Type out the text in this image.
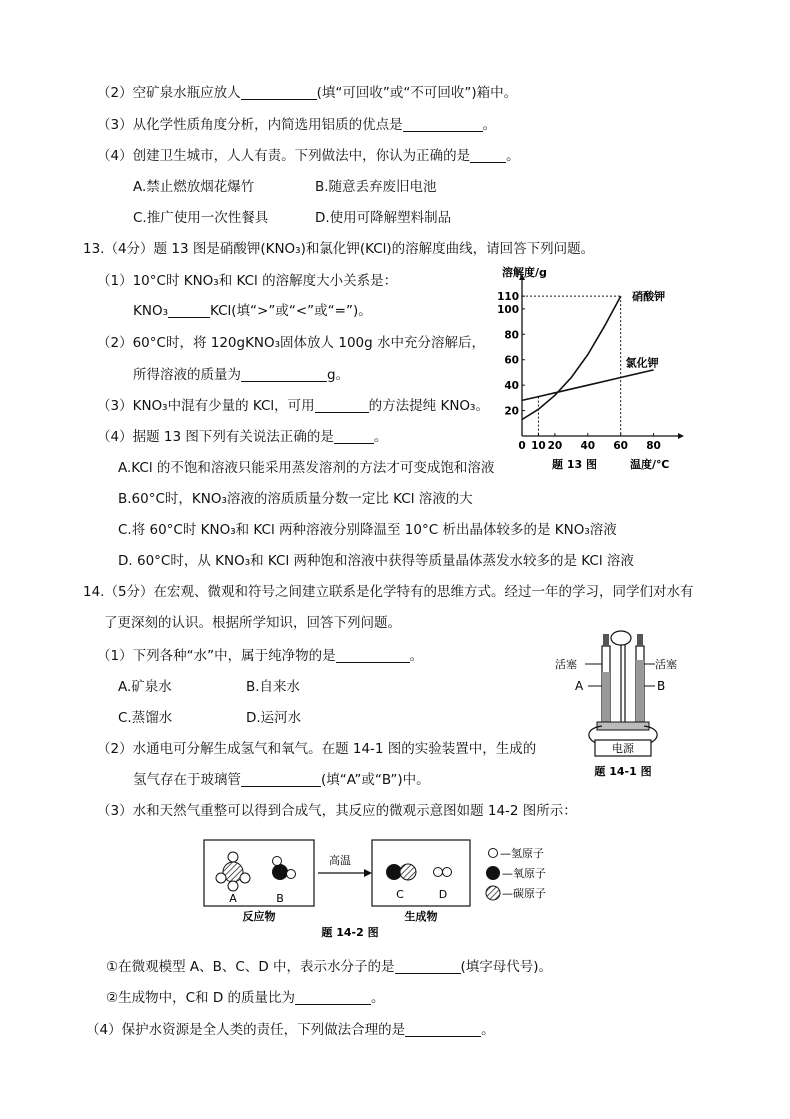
（2）空矿泉水瓶应放人	(填“可回收”或“不可回收”)箱中。
（3）从化学性质角度分析，内简选用铝质的优点是	。
（4）创建卫生城市，人人有责。下列做法中，你认为正确的是	。
A.禁止燃放烟花爆竹	B.随意丢弃废旧电池
C.推广使用一次性餐具	D.使用可降解塑料制品
13.（4分）题 13 图是硝酸钾(KNO₃)和氯化钾(KCl)的溶解度曲线，请回答下列问题。
（1）10°C时 KNO₃和 KCl 的溶解度大小关系是：
KNO₃	KCl(填“>”或“<”或“=”)。
（2）60°C时，将 120gKNO₃固体放人 100g 水中充分溶解后，
所得溶液的质量为	g。
（3）KNO₃中混有少量的 KCl，可用	的方法提纯 KNO₃。
（4）据题 13 图下列有关说法正确的是	。
A.KCl 的不饱和溶液只能采用蒸发溶剂的方法才可变成饱和溶液
B.60°C时，KNO₃溶液的溶质质量分数一定比 KCl 溶液的大
C.将 60°C时 KNO₃和 KCl 两种溶液分别降温至 10°C 析出晶体较多的是 KNO₃溶液
D. 60°C时，从 KNO₃和 KCl 两种饱和溶液中获得等质量晶体蒸发水较多的是 KCl 溶液
20
40
60
80
100
110
0 10 20 40 60 80
溶解度/g
温度/℃
硝酸钾
氯化钾
题 13 图
14.（5分）在宏观、微观和符号之间建立联系是化学特有的思维方式。经过一年的学习，同学们对水有
了更深刻的认识。根据所学知识，回答下列问题。
（1）下列各种“水”中，属于纯净物的是	。
A.矿泉水	B.自来水
C.蒸馏水	D.运河水
（2）水通电可分解生成氢气和氧气。在题 14-1 图的实验装置中，生成的
氢气存在于玻璃管	(填“A”或“B”)中。
（3）水和天然气重整可以得到合成气，其反应的微观示意图如题 14-2 图所示：
电源
活塞	活塞
A	B
题 14-1 图
A	B
高温
C	D
反应物	生成物
题 14-2 图
—氢原子
—氧原子
—碳原子
①在微观模型 A、B、C、D 中，表示水分子的是	(填字母代号)。
②生成物中，C和 D 的质量比为	。
（4）保护水资源是全人类的责任，下列做法合理的是	。
